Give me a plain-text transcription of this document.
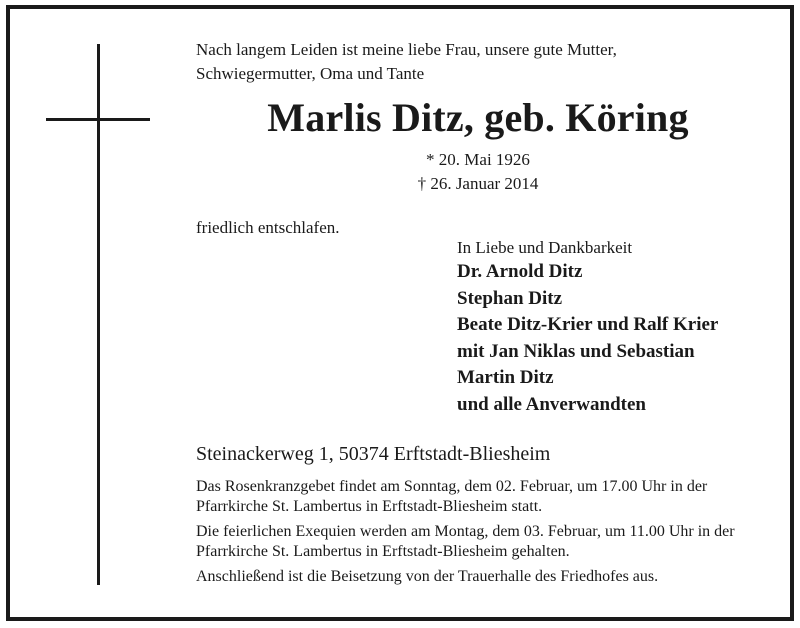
Nach langem Leiden ist meine liebe Frau, unsere gute Mutter,
Schwiegermutter, Oma und Tante
Marlis Ditz, geb. Köring
* 20. Mai 1926
† 26. Januar 2014
friedlich entschlafen.
In Liebe und Dankbarkeit
Dr. Arnold Ditz
Stephan Ditz
Beate Ditz-Krier und Ralf Krier
mit Jan Niklas und Sebastian
Martin Ditz
und alle Anverwandten
Steinackerweg 1, 50374 Erftstadt-Bliesheim

Das Rosenkranzgebet findet am Sonntag, dem 02. Februar, um 17.00 Uhr in der Pfarrkirche St. Lambertus in Erftstadt-Bliesheim statt.

Die feierlichen Exequien werden am Montag, dem 03. Februar, um 11.00 Uhr in der Pfarrkirche St. Lambertus in Erftstadt-Bliesheim gehalten.

Anschließend ist die Beisetzung von der Trauerhalle des Friedhofes aus.
